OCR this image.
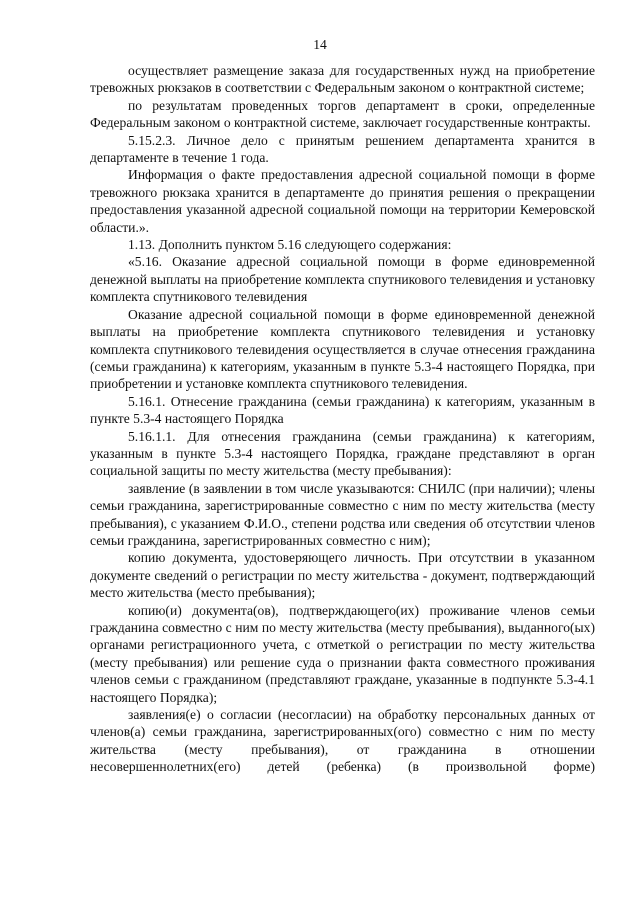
14

осуществляет размещение заказа для государственных нужд на приобретение тревожных рюкзаков в соответствии с Федеральным законом о контрактной системе;

по результатам проведенных торгов департамент в сроки, определенные Федеральным законом о контрактной системе, заключает государственные контракты.

5.15.2.3. Личное дело с принятым решением департамента хранится в департаменте в течение 1 года.

Информация о факте предоставления адресной социальной помощи в форме тревожного рюкзака хранится в департаменте до принятия решения о прекращении предоставления указанной адресной социальной помощи на территории Кемеровской области.».

1.13. Дополнить пунктом 5.16 следующего содержания:

«5.16. Оказание адресной социальной помощи в форме единовременной денежной выплаты на приобретение комплекта спутникового телевидения и установку комплекта спутникового телевидения

Оказание адресной социальной помощи в форме единовременной денежной выплаты на приобретение комплекта спутникового телевидения и установку комплекта спутникового телевидения осуществляется в случае отнесения гражданина (семьи гражданина) к категориям, указанным в пункте 5.3-4 настоящего Порядка, при приобретении и установке комплекта спутникового телевидения.

5.16.1. Отнесение гражданина (семьи гражданина) к категориям, указанным в пункте 5.3-4 настоящего Порядка

5.16.1.1. Для отнесения гражданина (семьи гражданина) к категориям, указанным в пункте 5.3-4 настоящего Порядка, граждане представляют в орган социальной защиты по месту жительства (месту пребывания):

заявление (в заявлении в том числе указываются: СНИЛС (при наличии); члены семьи гражданина, зарегистрированные совместно с ним по месту жительства (месту пребывания), с указанием Ф.И.О., степени родства или сведения об отсутствии членов семьи гражданина, зарегистрированных совместно с ним);

копию документа, удостоверяющего личность. При отсутствии в указанном документе сведений о регистрации по месту жительства - документ, подтверждающий место жительства (место пребывания);

копию(и) документа(ов), подтверждающего(их) проживание членов семьи гражданина совместно с ним по месту жительства (месту пребывания), выданного(ых) органами регистрационного учета, с отметкой о регистрации по месту жительства (месту пребывания) или решение суда о признании факта совместного проживания членов семьи с гражданином (представляют граждане, указанные в подпункте 5.3-4.1 настоящего Порядка);

заявления(е) о согласии (несогласии) на обработку персональных данных от членов(а) семьи гражданина, зарегистрированных(ого) совместно с ним по месту жительства (месту пребывания), от гражданина в отношении несовершеннолетних(его) детей (ребенка) (в произвольной форме)
